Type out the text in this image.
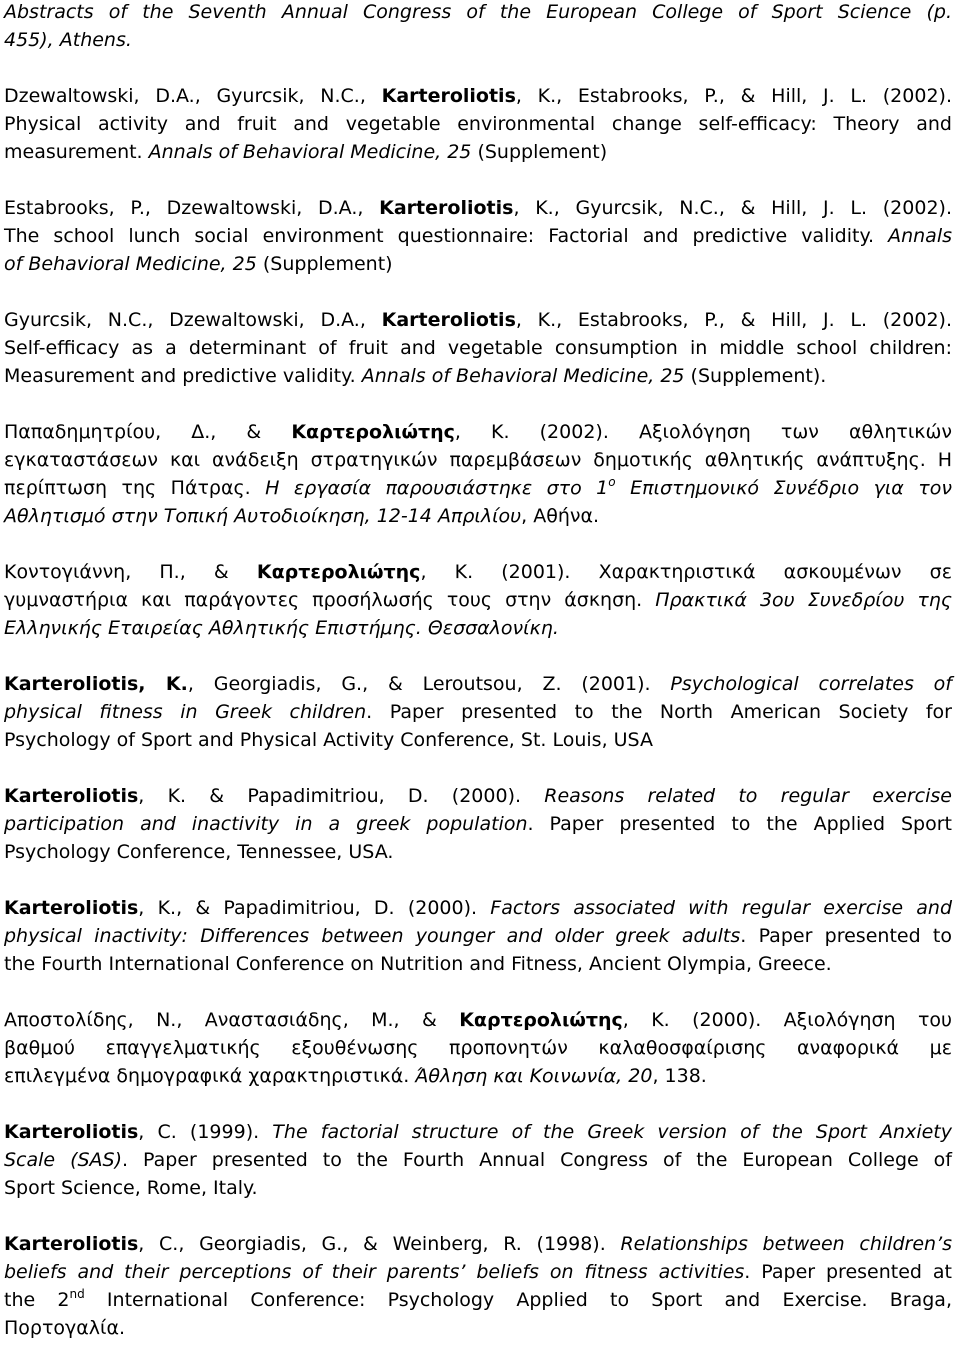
Abstracts of the Seventh Annual Congress of the European College of Sport Science (p.
455), Athens.
Dzewaltowski, D.A., Gyurcsik, N.C., Karteroliotis, K., Estabrooks, P., & Hill, J. L. (2002).
Physical activity and fruit and vegetable environmental change self-efficacy: Theory and
measurement. Annals of Behavioral Medicine, 25 (Supplement)
Estabrooks, P., Dzewaltowski, D.A., Karteroliotis, K., Gyurcsik, N.C., & Hill, J. L. (2002).
The school lunch social environment questionnaire: Factorial and predictive validity. Annals
of Behavioral Medicine, 25 (Supplement)
Gyurcsik, N.C., Dzewaltowski, D.A., Karteroliotis, K., Estabrooks, P., & Hill, J. L. (2002).
Self-efficacy as a determinant of fruit and vegetable consumption in middle school children:
Measurement and predictive validity. Annals of Behavioral Medicine, 25 (Supplement).
Παπαδημητρίου, Δ., & Καρτερολιώτης, Κ. (2002). Αξιολόγηση των αθλητικών
εγκαταστάσεων και ανάδειξη στρατηγικών παρεμβάσεων δημοτικής αθλητικής ανάπτυξης. Η
περίπτωση της Πάτρας. Η εργασία παρουσιάστηκε στο $1^o$ Επιστημονικό Συνέδριο για τον
Αθλητισμό στην Τοπική Αυτοδιοίκηση, 12-14 Απριλίου, Αθήνα.
Κοντογιάννη, Π., & Καρτερολιώτης, Κ. (2001). Χαρακτηριστικά ασκουμένων σε
γυμναστήρια και παράγοντες προσήλωσής τους στην άσκηση. Πρακτικά 3ου Συνεδρίου της
Ελληνικής Εταιρείας Αθλητικής Επιστήμης. Θεσσαλονίκη.
Karteroliotis, K., Georgiadis, G., & Leroutsou, Z. (2001). Psychological correlates of
physical fitness in Greek children. Paper presented to the North American Society for
Psychology of Sport and Physical Activity Conference, St. Louis, USA
Karteroliotis, K. & Papadimitriou, D. (2000). Reasons related to regular exercise
participation and inactivity in a greek population. Paper presented to the Applied Sport
Psychology Conference, Tennessee, USA.
Karteroliotis, K., & Papadimitriou, D. (2000). Factors associated with regular exercise and
physical inactivity: Differences between younger and older greek adults. Paper presented to
the Fourth International Conference on Nutrition and Fitness, Ancient Olympia, Greece.
Αποστολίδης, Ν., Αναστασιάδης, Μ., & Καρτερολιώτης, Κ. (2000). Αξιολόγηση του
βαθμού επαγγελματικής εξουθένωσης προπονητών καλαθοσφαίρισης αναφορικά με
επιλεγμένα δημογραφικά χαρακτηριστικά. Άθληση και Κοινωνία, 20, 138.
Karteroliotis, C. (1999). The factorial structure of the Greek version of the Sport Anxiety
Scale (SAS). Paper presented to the Fourth Annual Congress of the European College of
Sport Science, Rome, Italy.
Karteroliotis, C., Georgiadis, G., & Weinberg, R. (1998). Relationships between children’s
beliefs and their perceptions of their parents’ beliefs on fitness activities. Paper presented at
the 2nd International Conference: Psychology Applied to Sport and Exercise. Braga,
Πορτογαλία.
